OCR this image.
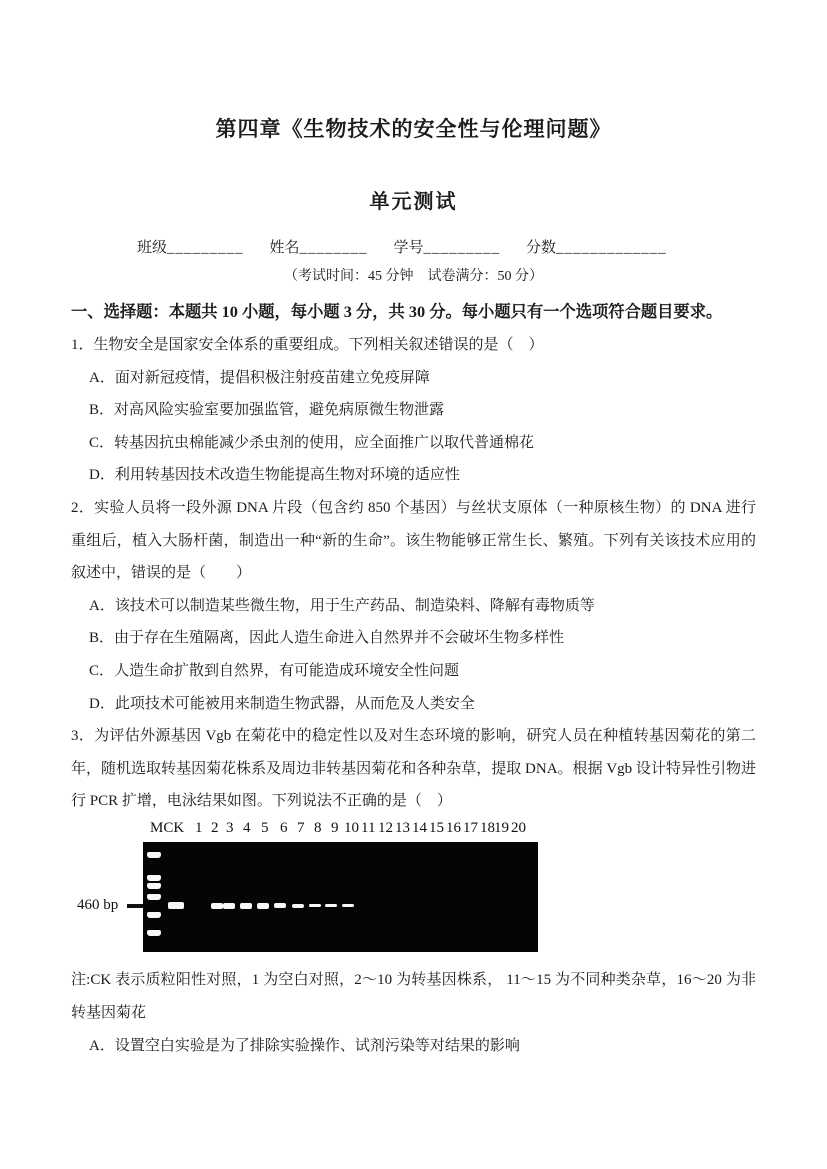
第四章《生物技术的安全性与伦理问题》
单元测试
班级_________ 姓名________ 学号_________ 分数_____________
（考试时间：45 分钟　试卷满分：50 分）
一、选择题：本题共 10 小题，每小题 3 分，共 30 分。每小题只有一个选项符合题目要求。

1．生物安全是国家安全体系的重要组成。下列相关叙述错误的是（　）

A．面对新冠疫情，提倡积极注射疫苗建立免疫屏障

B．对高风险实验室要加强监管，避免病原微生物泄露

C．转基因抗虫棉能减少杀虫剂的使用，应全面推广以取代普通棉花

D．利用转基因技术改造生物能提高生物对环境的适应性

2．实验人员将一段外源 DNA 片段（包含约 850 个基因）与丝状支原体（一种原核生物）的 DNA 进行重组后，植入大肠杆菌，制造出一种“新的生命”。该生物能够正常生长、繁殖。下列有关该技术应用的叙述中，错误的是（　　）

A．该技术可以制造某些微生物，用于生产药品、制造染料、降解有毒物质等

B．由于存在生殖隔离，因此人造生命进入自然界并不会破坏生物多样性

C．人造生命扩散到自然界，有可能造成环境安全性问题

D．此项技术可能被用来制造生物武器，从而危及人类安全

3．为评估外源基因 Vgb 在菊花中的稳定性以及对生态环境的影响，研究人员在种植转基因菊花的第二年，随机选取转基因菊花株系及周边非转基因菊花和各种杂草，提取 DNA。根据 Vgb 设计特异性引物进行 PCR 扩增，电泳结果如图。下列说法不正确的是（　）

MCK 1 2 3 4 5 6 7 8 9 10 11 12 13 14 15 16 17 18 19 20
460 bp

注:CK 表示质粒阳性对照，1 为空白对照，2～10 为转基因株系， 11～15 为不同种类杂草，16～20 为非转基因菊花

A．设置空白实验是为了排除实验操作、试剂污染等对结果的影响
